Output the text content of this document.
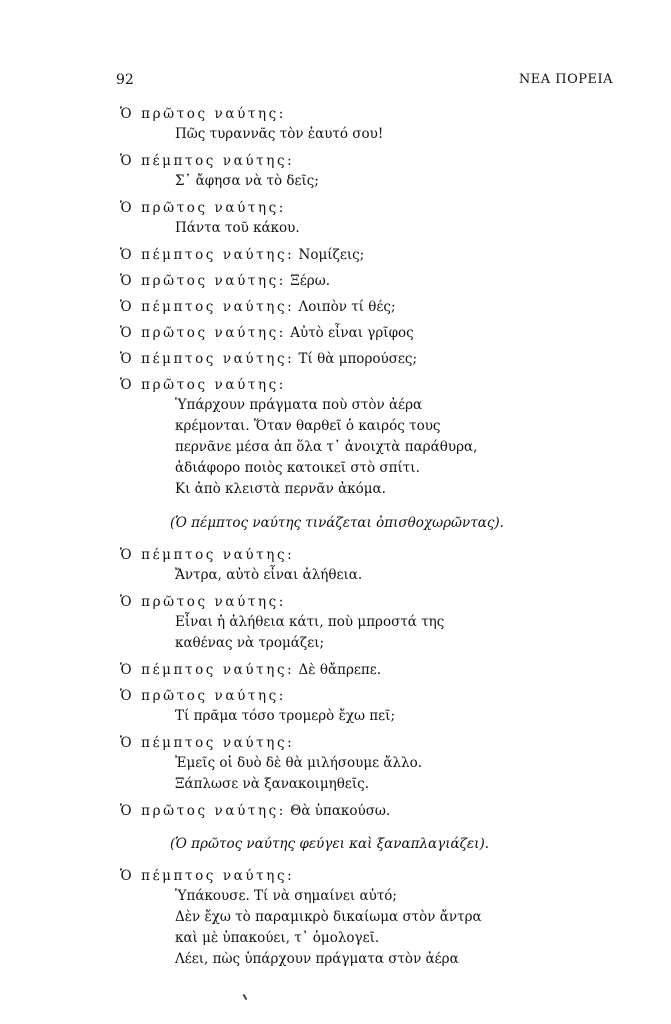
92	ΝΕΑ ΠΟΡΕΙΑ
Ὁ πρῶτος ναύτης:
Πῶς τυραννᾶς τὸν ἑαυτό σου!
Ὁ πέμπτος ναύτης:
Σ᾽ ἄφησα νὰ τὸ δεῖς;
Ὁ πρῶτος ναύτης:
Πάντα τοῦ κάκου.
Ὁ πέμπτος ναύτης: Νομίζεις;
Ὁ πρῶτος ναύτης: Ξέρω.
Ὁ πέμπτος ναύτης: Λοιπὸν τί θές;
Ὁ πρῶτος ναύτης: Αὐτὸ εἶναι γρῖφος
Ὁ πέμπτος ναύτης: Τί θὰ μπορούσες;
Ὁ πρῶτος ναύτης:
Ὑπάρχουν πράγματα ποὺ στὸν ἀέρα
κρέμονται. Ὅταν θαρθεῖ ὁ καιρός τους
περνᾶνε μέσα ἀπ ὅλα τ᾽ ἀνοιχτὰ παράθυρα,
ἀδιάφορο ποιὸς κατοικεῖ στὸ σπίτι.
Κι ἀπὸ κλειστὰ περνᾶν ἀκόμα.
(Ὁ πέμπτος ναύτης τινάζεται ὀπισθοχωρῶντας).
Ὁ πέμπτος ναύτης:
Ἄντρα, αὐτὸ εἶναι ἀλήθεια.
Ὁ πρῶτος ναύτης:
Εἶναι ἡ ἀλήθεια κάτι, ποὺ μπροστά της
καθένας νὰ τρομάζει;
Ὁ πέμπτος ναύτης: Δὲ θἄπρεπε.
Ὁ πρῶτος ναύτης:
Τί πρᾶμα τόσο τρομερὸ ἔχω πεῖ;
Ὁ πέμπτος ναύτης:
Ἐμεῖς οἱ δυὸ δὲ θὰ μιλήσουμε ἄλλο.
Ξάπλωσε νὰ ξανακοιμηθεῖς.
Ὁ πρῶτος ναύτης: Θὰ ὑπακούσω.
(Ὁ πρῶτος ναύτης φεύγει καὶ ξαναπλαγιάζει).
Ὁ πέμπτος ναύτης:
Ὑπάκουσε. Τί νὰ σημαίνει αὐτό;
Δὲν ἔχω τὸ παραμικρὸ δικαίωμα στὸν ἄντρα
καὶ μὲ ὑπακούει, τ᾽ ὁμολογεῖ.
Λέει, πὼς ὑπάρχουν πράγματα στὸν ἀέρα
